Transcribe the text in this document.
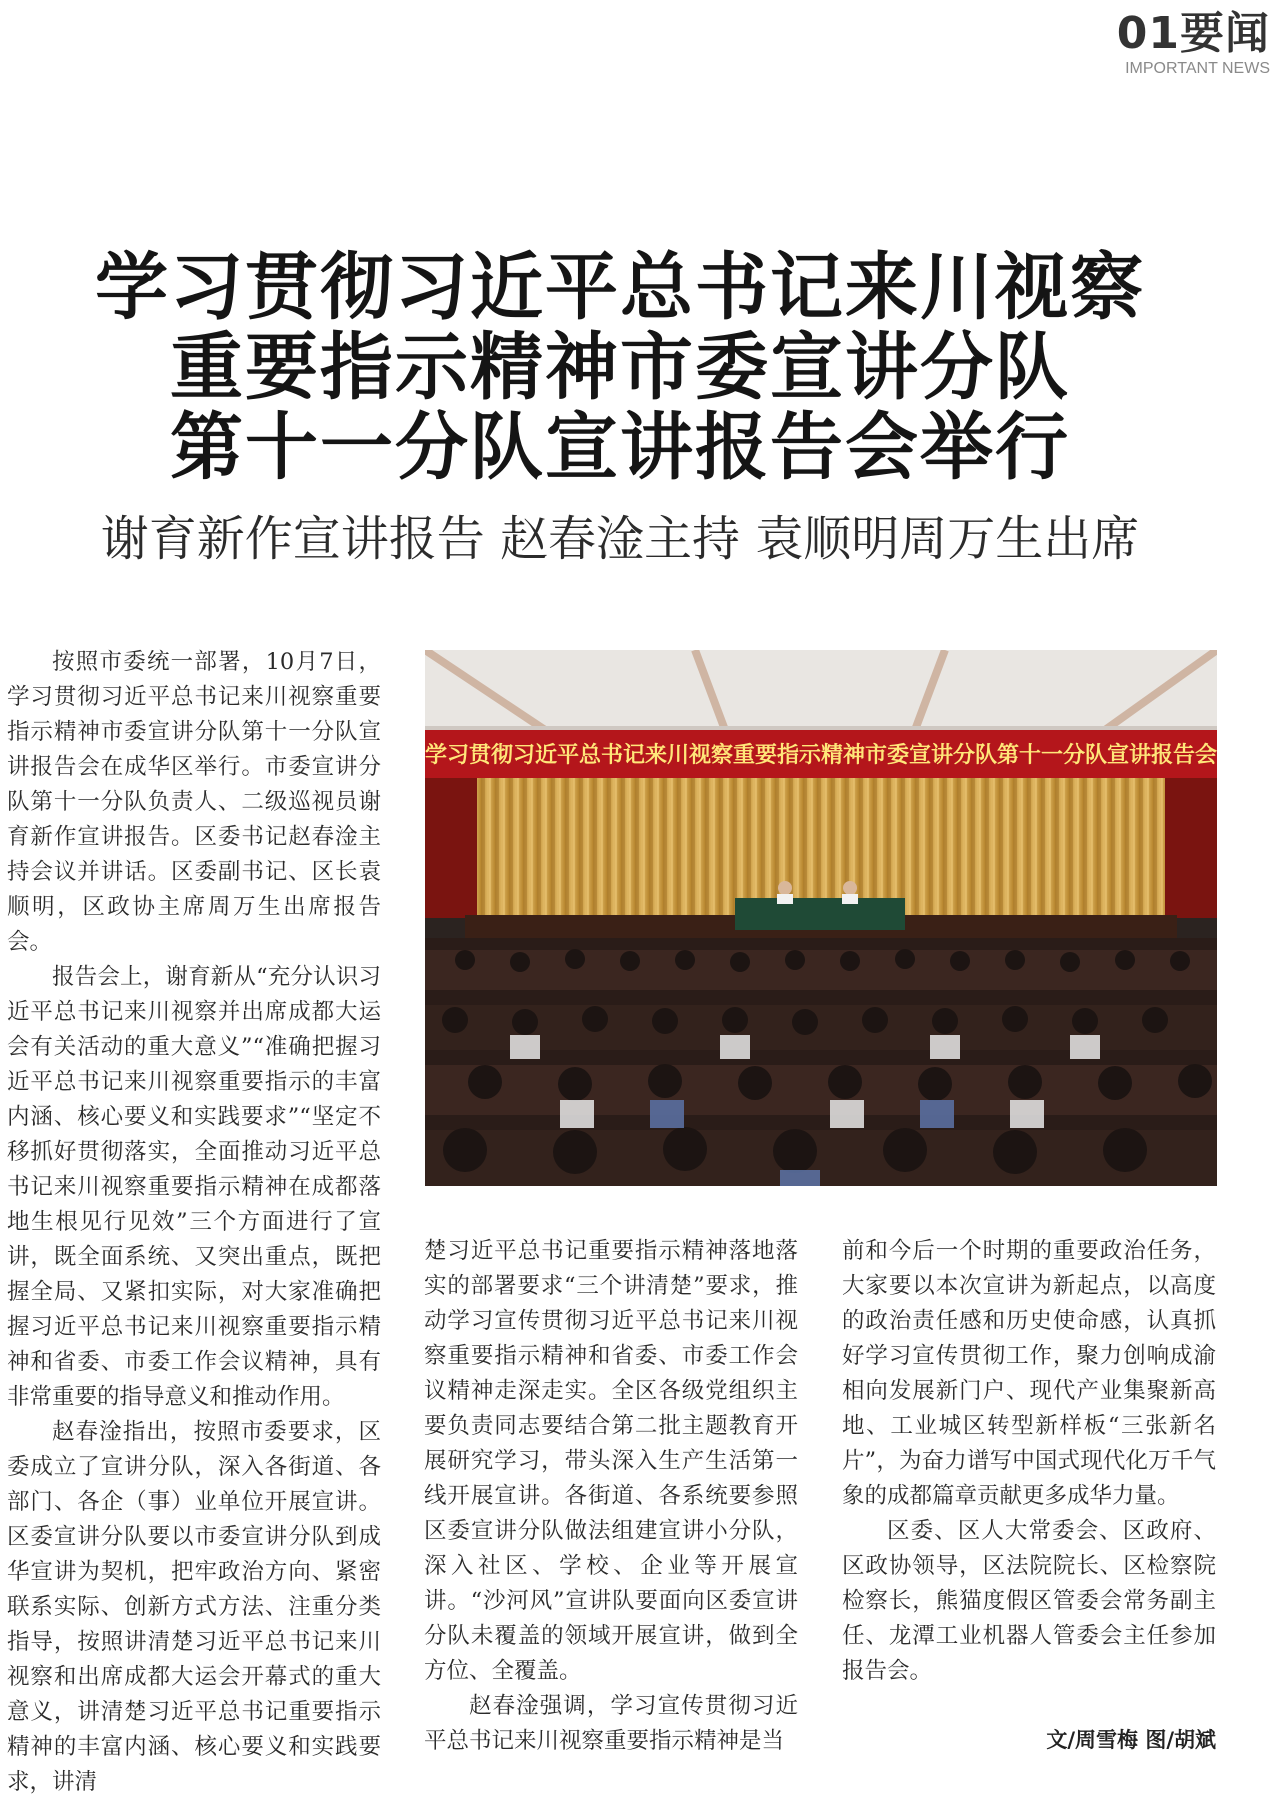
01要闻
IMPORTANT NEWS
学习贯彻习近平总书记来川视察
重要指示精神市委宣讲分队
第十一分队宣讲报告会举行
谢育新作宣讲报告 赵春淦主持 袁顺明周万生出席

按照市委统一部署，10月7日，学习贯彻习近平总书记来川视察重要指示精神市委宣讲分队第十一分队宣讲报告会在成华区举行。市委宣讲分队第十一分队负责人、二级巡视员谢育新作宣讲报告。区委书记赵春淦主持会议并讲话。区委副书记、区长袁顺明，区政协主席周万生出席报告会。

报告会上，谢育新从“充分认识习近平总书记来川视察并出席成都大运会有关活动的重大意义”“准确把握习近平总书记来川视察重要指示的丰富内涵、核心要义和实践要求”“坚定不移抓好贯彻落实，全面推动习近平总书记来川视察重要指示精神在成都落地生根见行见效”三个方面进行了宣讲，既全面系统、又突出重点，既把握全局、又紧扣实际，对大家准确把握习近平总书记来川视察重要指示精神和省委、市委工作会议精神，具有非常重要的指导意义和推动作用。

赵春淦指出，按照市委要求，区委成立了宣讲分队，深入各街道、各部门、各企（事）业单位开展宣讲。区委宣讲分队要以市委宣讲分队到成华宣讲为契机，把牢政治方向、紧密联系实际、创新方式方法、注重分类指导，按照讲清楚习近平总书记来川视察和出席成都大运会开幕式的重大意义，讲清楚习近平总书记重要指示精神的丰富内涵、核心要义和实践要求，讲清

学习贯彻习近平总书记来川视察重要指示精神市委宣讲分队第十一分队宣讲报告会

楚习近平总书记重要指示精神落地落实的部署要求“三个讲清楚”要求，推动学习宣传贯彻习近平总书记来川视察重要指示精神和省委、市委工作会议精神走深走实。全区各级党组织主要负责同志要结合第二批主题教育开展研究学习，带头深入生产生活第一线开展宣讲。各街道、各系统要参照区委宣讲分队做法组建宣讲小分队，深入社区、学校、企业等开展宣讲。“沙河风”宣讲队要面向区委宣讲分队未覆盖的领域开展宣讲，做到全方位、全覆盖。

赵春淦强调，学习宣传贯彻习近平总书记来川视察重要指示精神是当

前和今后一个时期的重要政治任务，大家要以本次宣讲为新起点，以高度的政治责任感和历史使命感，认真抓好学习宣传贯彻工作，聚力创响成渝相向发展新门户、现代产业集聚新高地、工业城区转型新样板“三张新名片”，为奋力谱写中国式现代化万千气象的成都篇章贡献更多成华力量。

区委、区人大常委会、区政府、区政协领导，区法院院长、区检察院检察长，熊猫度假区管委会常务副主任、龙潭工业机器人管委会主任参加报告会。

文/周雪梅 图/胡斌
